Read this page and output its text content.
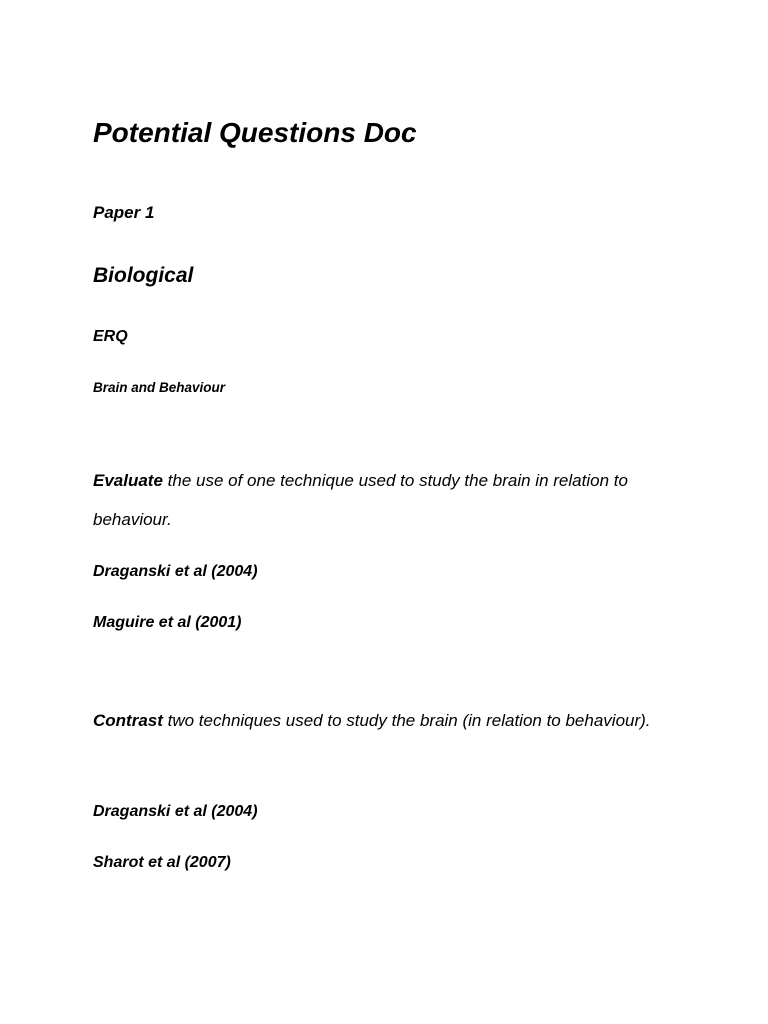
Potential Questions Doc
Paper 1
Biological
ERQ
Brain and Behaviour

Evaluate the use of one technique used to study the brain in relation to behaviour.

Draganski et al (2004)
Maguire et al (2001)

Contrast two techniques used to study the brain (in relation to behaviour).

Draganski et al (2004)
Sharot et al (2007)
